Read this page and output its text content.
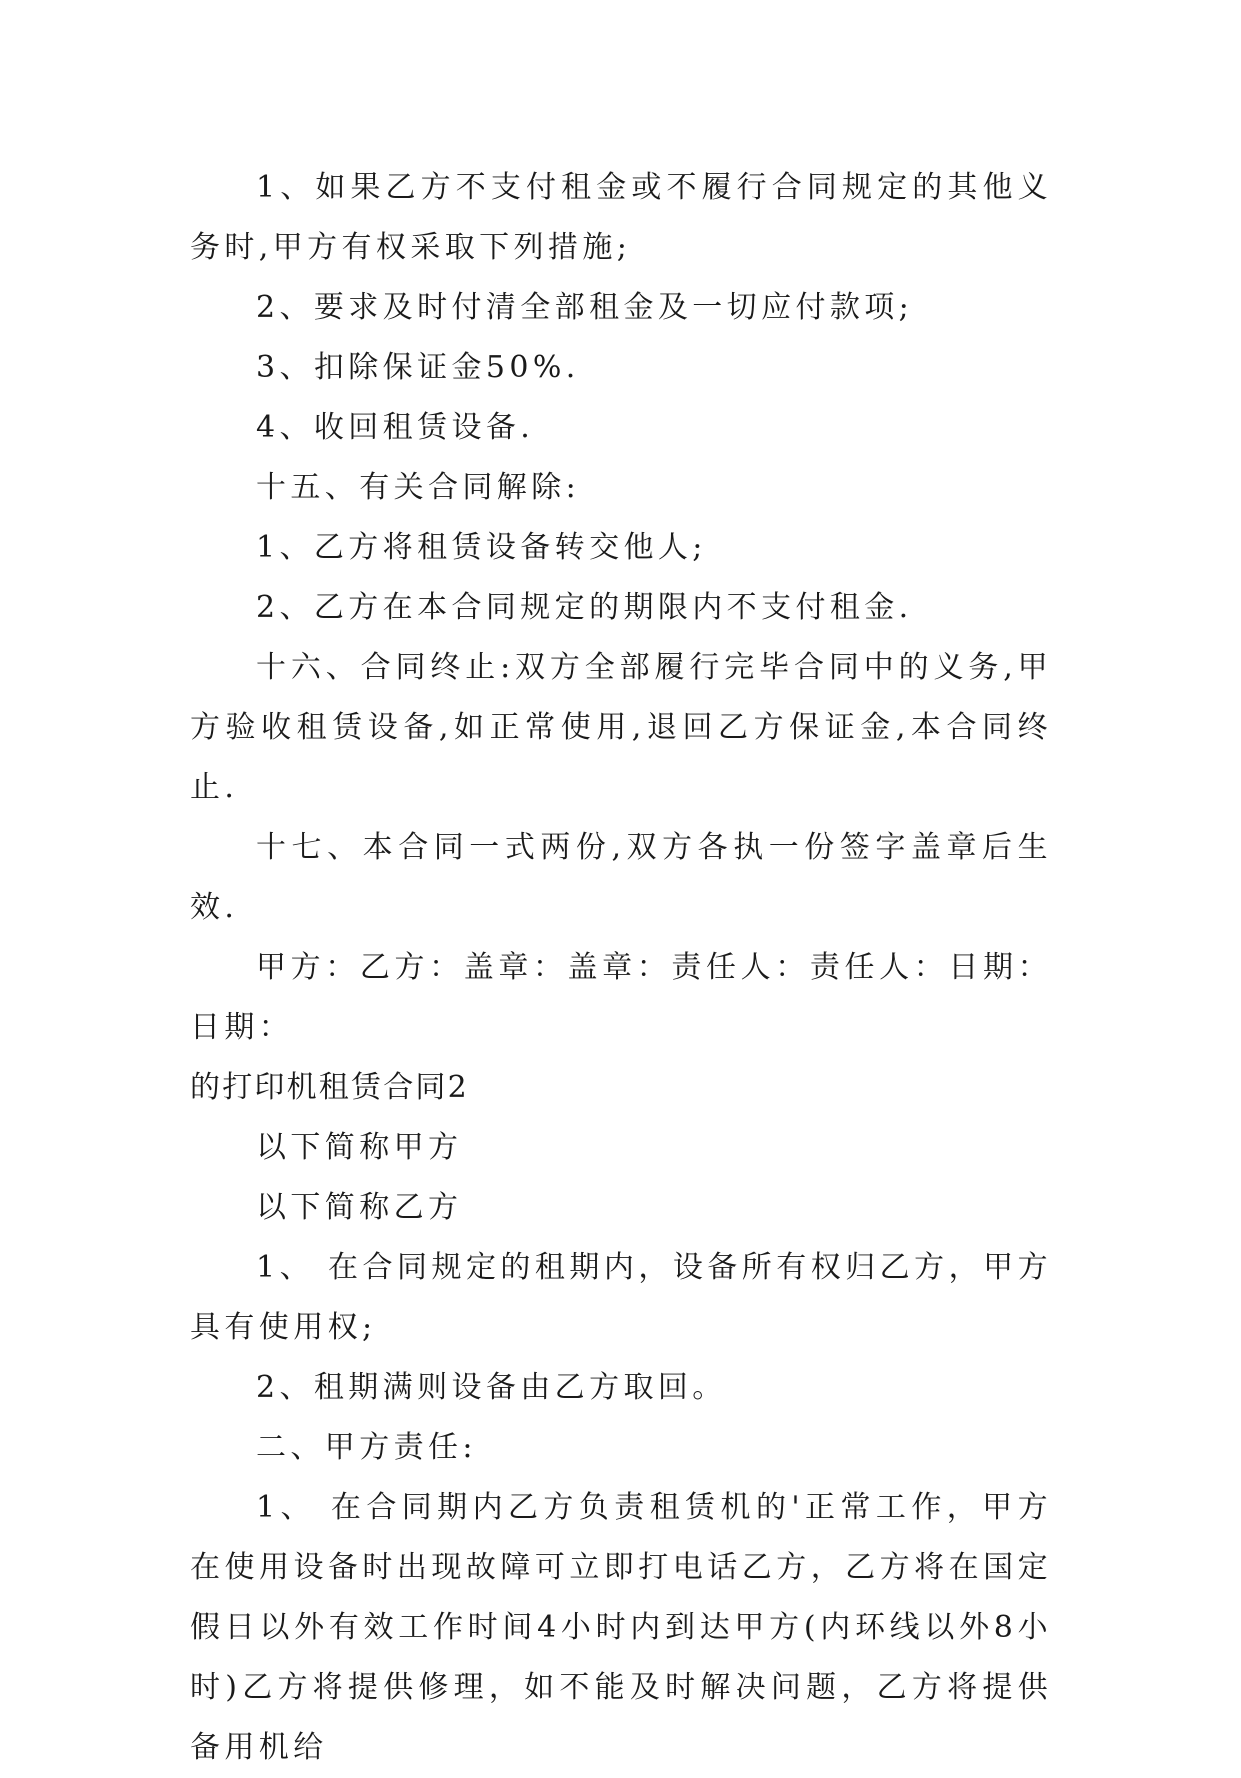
1、如果乙方不支付租金或不履行合同规定的其他义务时,甲方有权采取下列措施;

2、要求及时付清全部租金及一切应付款项;

3、扣除保证金50%.

4、收回租赁设备.

十五、有关合同解除:

1、乙方将租赁设备转交他人;

2、乙方在本合同规定的期限内不支付租金.

十六、合同终止:双方全部履行完毕合同中的义务,甲方验收租赁设备,如正常使用,退回乙方保证金,本合同终止.

十七、本合同一式两份,双方各执一份签字盖章后生效.

甲方：乙方：盖章：盖章：责任人：责任人：日期：日期：

的打印机租赁合同2

以下简称甲方

以下简称乙方

1、 在合同规定的租期内，设备所有权归乙方，甲方具有使用权;

2、租期满则设备由乙方取回。

二、甲方责任:

1、 在合同期内乙方负责租赁机的'正常工作，甲方在使用设备时出现故障可立即打电话乙方，乙方将在国定假日以外有效工作时间4小时内到达甲方(内环线以外8小时)乙方将提供修理，如不能及时解决问题，乙方将提供备用机给
